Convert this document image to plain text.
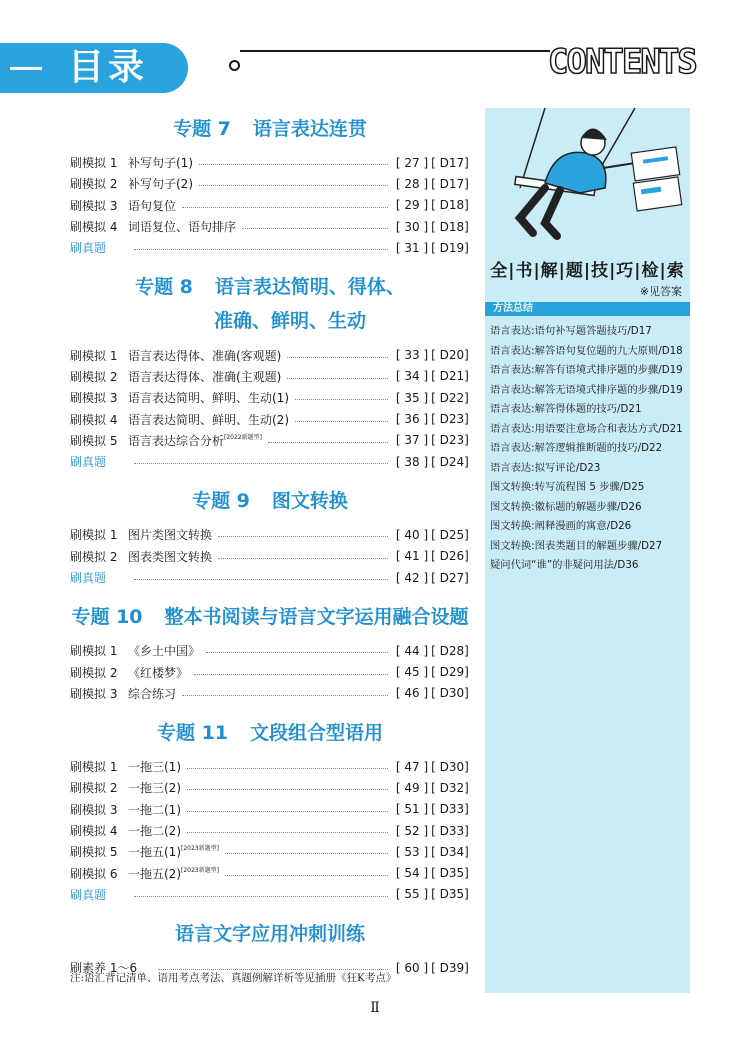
目录	CONTENTS
专题 7 语言表达连贯
刷模拟 1 补写句子(1)	[ 27 ] [ D17]
刷模拟 2 补写句子(2)	[ 28 ] [ D17]
刷模拟 3 语句复位	[ 29 ] [ D18]
刷模拟 4 词语复位、语句排序	[ 30 ] [ D18]
刷真题	[ 31 ] [ D19]
专题 8 语言表达简明、得体、
准确、鲜明、生动
刷模拟 1 语言表达得体、准确(客观题)	[ 33 ] [ D20]
刷模拟 2 语言表达得体、准确(主观题)	[ 34 ] [ D21]
刷模拟 3 语言表达简明、鲜明、生动(1)	[ 35 ] [ D22]
刷模拟 4 语言表达简明、鲜明、生动(2)	[ 36 ] [ D23]
刷模拟 5 语言表达综合分析[2022新题型]	[ 37 ] [ D23]
刷真题	[ 38 ] [ D24]
专题 9 图文转换
刷模拟 1 图片类图文转换	[ 40 ] [ D25]
刷模拟 2 图表类图文转换	[ 41 ] [ D26]
刷真题	[ 42 ] [ D27]
专题 10 整本书阅读与语言文字运用融合设题
刷模拟 1 《乡土中国》	[ 44 ] [ D28]
刷模拟 2 《红楼梦》	[ 45 ] [ D29]
刷模拟 3 综合练习	[ 46 ] [ D30]
专题 11 文段组合型语用
刷模拟 1 一拖三(1)	[ 47 ] [ D30]
刷模拟 2 一拖三(2)	[ 49 ] [ D32]
刷模拟 3 一拖二(1)	[ 51 ] [ D33]
刷模拟 4 一拖二(2)	[ 52 ] [ D33]
刷模拟 5 一拖五(1)[2023新题型]	[ 53 ] [ D34]
刷模拟 6 一拖五(2)[2023新题型]	[ 54 ] [ D35]
刷真题	[ 55 ] [ D35]
语言文字应用冲刺训练
刷素养 1～6	[ 60 ] [ D39]
注:语汇背记清单、语用考点考法、真题例解详析等见插册《狂K考点》
Ⅱ
全|书|解|题|技|巧|检|索
※见答案
方法总结
语言表达:语句补写题答题技巧/D17
语言表达:解答语句复位题的九大原则/D18
语言表达:解答有语境式排序题的步骤/D19
语言表达:解答无语境式排序题的步骤/D19
语言表达:解答得体题的技巧/D21
语言表达:用语要注意场合和表达方式/D21
语言表达:解答逻辑推断题的技巧/D22
语言表达:拟写评论/D23
图文转换:转写流程图 5 步骤/D25
图文转换:徽标题的解题步骤/D26
图文转换:阐释漫画的寓意/D26
图文转换:图表类题目的解题步骤/D27
疑问代词“谁”的非疑问用法/D36
